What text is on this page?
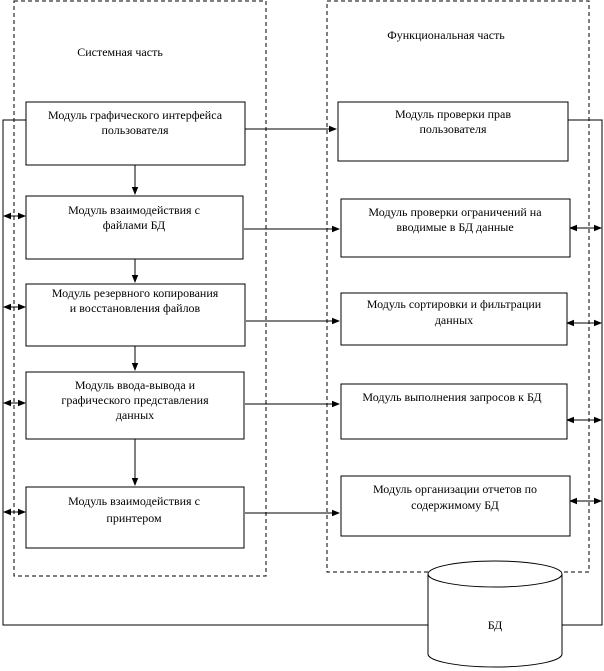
Системная часть
Функциональная часть
Модуль графического интерфейса
пользователя
Модуль взаимодействия с
файлами БД
Модуль резервного копирования
и восстановления файлов
Модуль ввода-вывода и
графического представления
данных
Модуль взаимодействия с
принтером
Модуль проверки прав
пользователя
Модуль проверки ограничений на
вводимые в БД данные
Модуль сортировки и фильтрации
данных
Модуль выполнения запросов к БД
Модуль организации отчетов по
содержимому БД
БД
